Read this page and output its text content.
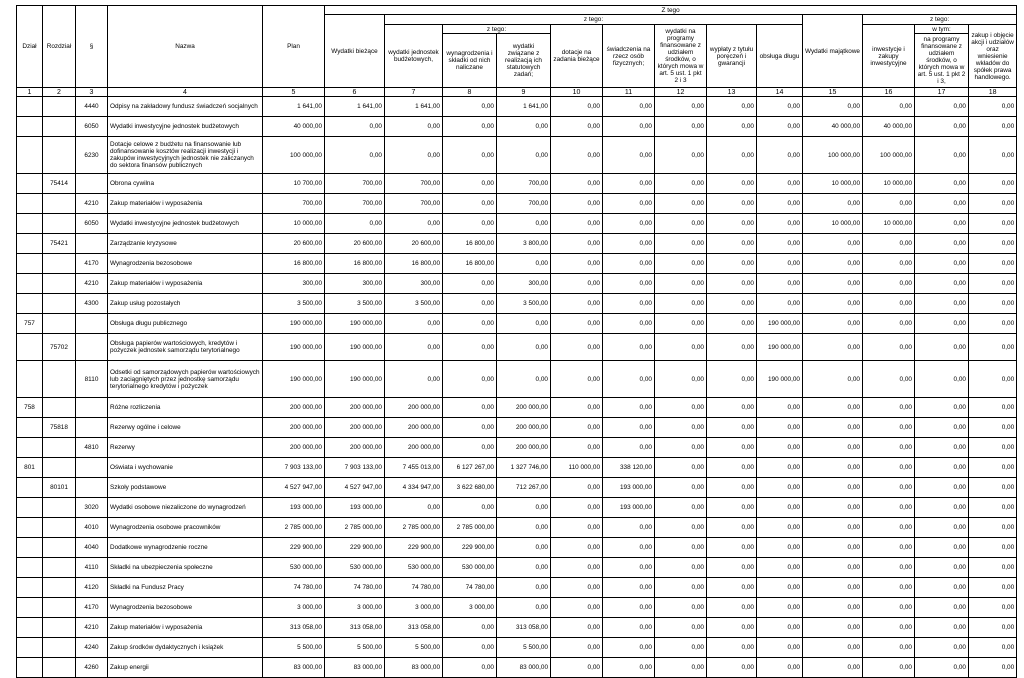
Dział	Rozdział	§	Nazwa	Plan	Z tego												
					Wydatki bieżące	z tego:								Wydatki majątkowe	z tego:		
						wydatki jednostek budżetowych,	z tego:		dotacje na zadania bieżące	świadczenia na rzecz osób fizycznych;	wydatki na programy finansowane z udziałem środków, o których mowa w art. 5 ust. 1 pkt 2 i 3	wypłaty z tytułu poręczeń i gwarancji	obsługa długu		inwestycje i zakupy inwestycyjne	w tym:	zakup i objęcie akcji i udziałów oraz wniesienie wkładów do spółek prawa handlowego.
							wynagrodzenia i składki od nich naliczane	wydatki związane z realizacją ich statutowych zadań;								na programy finansowane z udziałem środków, o których mowa w art. 5 ust. 1 pkt 2 i 3,	

1	2	3	4	5	6	7	8	9	10	11	12	13	14	15	16	17	18
		4440	Odpisy na zakładowy fundusz świadczeń socjalnych	1 641,00	1 641,00	1 641,00	0,00	1 641,00	0,00	0,00	0,00	0,00	0,00	0,00	0,00	0,00	0,00
		6050	Wydatki inwestycyjne jednostek budżetowych	40 000,00	0,00	0,00	0,00	0,00	0,00	0,00	0,00	0,00	0,00	40 000,00	40 000,00	0,00	0,00
		6230	Dotacje celowe z budżetu na finansowanie lub dofinansowanie kosztów realizacji inwestycji i zakupów inwestycyjnych jednostek nie zaliczanych do sektora finansów publicznych	100 000,00	0,00	0,00	0,00	0,00	0,00	0,00	0,00	0,00	0,00	100 000,00	100 000,00	0,00	0,00
	75414		Obrona cywilna	10 700,00	700,00	700,00	0,00	700,00	0,00	0,00	0,00	0,00	0,00	10 000,00	10 000,00	0,00	0,00
		4210	Zakup materiałów i wyposażenia	700,00	700,00	700,00	0,00	700,00	0,00	0,00	0,00	0,00	0,00	0,00	0,00	0,00	0,00
		6050	Wydatki inwestycyjne jednostek budżetowych	10 000,00	0,00	0,00	0,00	0,00	0,00	0,00	0,00	0,00	0,00	10 000,00	10 000,00	0,00	0,00
	75421		Zarządzanie kryzysowe	20 600,00	20 600,00	20 600,00	16 800,00	3 800,00	0,00	0,00	0,00	0,00	0,00	0,00	0,00	0,00	0,00
		4170	Wynagrodzenia bezosobowe	16 800,00	16 800,00	16 800,00	16 800,00	0,00	0,00	0,00	0,00	0,00	0,00	0,00	0,00	0,00	0,00
		4210	Zakup materiałów i wyposażenia	300,00	300,00	300,00	0,00	300,00	0,00	0,00	0,00	0,00	0,00	0,00	0,00	0,00	0,00
		4300	Zakup usług pozostałych	3 500,00	3 500,00	3 500,00	0,00	3 500,00	0,00	0,00	0,00	0,00	0,00	0,00	0,00	0,00	0,00
757			Obsługa długu publicznego	190 000,00	190 000,00	0,00	0,00	0,00	0,00	0,00	0,00	0,00	190 000,00	0,00	0,00	0,00	0,00
	75702		Obsługa papierów wartościowych, kredytów i pożyczek jednostek samorządu terytorialnego	190 000,00	190 000,00	0,00	0,00	0,00	0,00	0,00	0,00	0,00	190 000,00	0,00	0,00	0,00	0,00
		8110	Odsetki od samorządowych papierów wartościowych lub zaciągniętych przez jednostkę samorządu terytorialnego kredytów i pożyczek	190 000,00	190 000,00	0,00	0,00	0,00	0,00	0,00	0,00	0,00	190 000,00	0,00	0,00	0,00	0,00
758			Różne rozliczenia	200 000,00	200 000,00	200 000,00	0,00	200 000,00	0,00	0,00	0,00	0,00	0,00	0,00	0,00	0,00	0,00
	75818		Rezerwy ogólne i celowe	200 000,00	200 000,00	200 000,00	0,00	200 000,00	0,00	0,00	0,00	0,00	0,00	0,00	0,00	0,00	0,00
		4810	Rezerwy	200 000,00	200 000,00	200 000,00	0,00	200 000,00	0,00	0,00	0,00	0,00	0,00	0,00	0,00	0,00	0,00
801			Oświata i wychowanie	7 903 133,00	7 903 133,00	7 455 013,00	6 127 267,00	1 327 746,00	110 000,00	338 120,00	0,00	0,00	0,00	0,00	0,00	0,00	0,00
	80101		Szkoły podstawowe	4 527 947,00	4 527 947,00	4 334 947,00	3 622 680,00	712 267,00	0,00	193 000,00	0,00	0,00	0,00	0,00	0,00	0,00	0,00
		3020	Wydatki osobowe niezaliczone do wynagrodzeń	193 000,00	193 000,00	0,00	0,00	0,00	0,00	193 000,00	0,00	0,00	0,00	0,00	0,00	0,00	0,00
		4010	Wynagrodzenia osobowe pracowników	2 785 000,00	2 785 000,00	2 785 000,00	2 785 000,00	0,00	0,00	0,00	0,00	0,00	0,00	0,00	0,00	0,00	0,00
		4040	Dodatkowe wynagrodzenie roczne	229 900,00	229 900,00	229 900,00	229 900,00	0,00	0,00	0,00	0,00	0,00	0,00	0,00	0,00	0,00	0,00
		4110	Składki na ubezpieczenia społeczne	530 000,00	530 000,00	530 000,00	530 000,00	0,00	0,00	0,00	0,00	0,00	0,00	0,00	0,00	0,00	0,00
		4120	Składki na Fundusz Pracy	74 780,00	74 780,00	74 780,00	74 780,00	0,00	0,00	0,00	0,00	0,00	0,00	0,00	0,00	0,00	0,00
		4170	Wynagrodzenia bezosobowe	3 000,00	3 000,00	3 000,00	3 000,00	0,00	0,00	0,00	0,00	0,00	0,00	0,00	0,00	0,00	0,00
		4210	Zakup materiałów i wyposażenia	313 058,00	313 058,00	313 058,00	0,00	313 058,00	0,00	0,00	0,00	0,00	0,00	0,00	0,00	0,00	0,00
		4240	Zakup środków dydaktycznych i książek	5 500,00	5 500,00	5 500,00	0,00	5 500,00	0,00	0,00	0,00	0,00	0,00	0,00	0,00	0,00	0,00
		4260	Zakup energii	83 000,00	83 000,00	83 000,00	0,00	83 000,00	0,00	0,00	0,00	0,00	0,00	0,00	0,00	0,00	0,00
